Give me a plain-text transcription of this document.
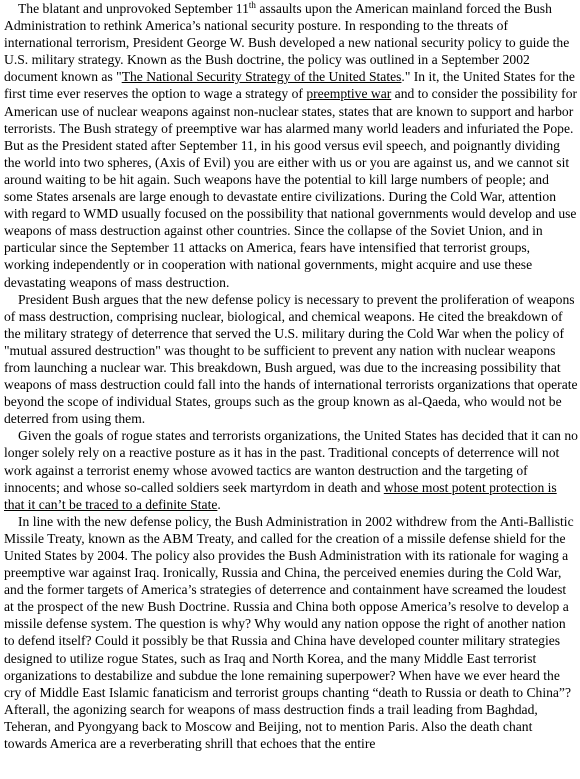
The blatant and unprovoked September 11th assaults upon the American mainland forced the Bush Administration to rethink America’s national security posture. In responding to the threats of international terrorism, President George W. Bush developed a new national security policy to guide the U.S. military strategy. Known as the Bush doctrine, the policy was outlined in a September 2002 document known as "The National Security Strategy of the United States." In it, the United States for the first time ever reserves the option to wage a strategy of preemptive war and to consider the possibility for American use of nuclear weapons against non-nuclear states, states that are known to support and harbor terrorists. The Bush strategy of preemptive war has alarmed many world leaders and infuriated the Pope. But as the President stated after September 11, in his good versus evil speech, and poignantly dividing the world into two spheres, (Axis of Evil) you are either with us or you are against us, and we cannot sit around waiting to be hit again. Such weapons have the potential to kill large numbers of people; and some States arsenals are large enough to devastate entire civilizations. During the Cold War, attention with regard to WMD usually focused on the possibility that national governments would develop and use weapons of mass destruction against other countries. Since the collapse of the Soviet Union, and in particular since the September 11 attacks on America, fears have intensified that terrorist groups, working independently or in cooperation with national governments, might acquire and use these devastating weapons of mass destruction.

President Bush argues that the new defense policy is necessary to prevent the proliferation of weapons of mass destruction, comprising nuclear, biological, and chemical weapons. He cited the breakdown of the military strategy of deterrence that served the U.S. military during the Cold War when the policy of "mutual assured destruction" was thought to be sufficient to prevent any nation with nuclear weapons from launching a nuclear war. This breakdown, Bush argued, was due to the increasing possibility that weapons of mass destruction could fall into the hands of international terrorists organizations that operate beyond the scope of individual States, groups such as the group known as al-Qaeda, who would not be deterred from using them.

Given the goals of rogue states and terrorists organizations, the United States has decided that it can no longer solely rely on a reactive posture as it has in the past. Traditional concepts of deterrence will not work against a terrorist enemy whose avowed tactics are wanton destruction and the targeting of innocents; and whose so-called soldiers seek martyrdom in death and whose most potent protection is that it can’t be traced to a definite State.

In line with the new defense policy, the Bush Administration in 2002 withdrew from the Anti-Ballistic Missile Treaty, known as the ABM Treaty, and called for the creation of a missile defense shield for the United States by 2004. The policy also provides the Bush Administration with its rationale for waging a preemptive war against Iraq. Ironically, Russia and China, the perceived enemies during the Cold War, and the former targets of America’s strategies of deterrence and containment have screamed the loudest at the prospect of the new Bush Doctrine. Russia and China both oppose America’s resolve to develop a missile defense system. The question is why? Why would any nation oppose the right of another nation to defend itself? Could it possibly be that Russia and China have developed counter military strategies designed to utilize rogue States, such as Iraq and North Korea, and the many Middle East terrorist organizations to destabilize and subdue the lone remaining superpower? When have we ever heard the cry of Middle East Islamic fanaticism and terrorist groups chanting “death to Russia or death to China”? Afterall, the agonizing search for weapons of mass destruction finds a trail leading from Baghdad, Teheran, and Pyongyang back to Moscow and Beijing, not to mention Paris. Also the death chant towards America are a reverberating shrill that echoes that the entire
